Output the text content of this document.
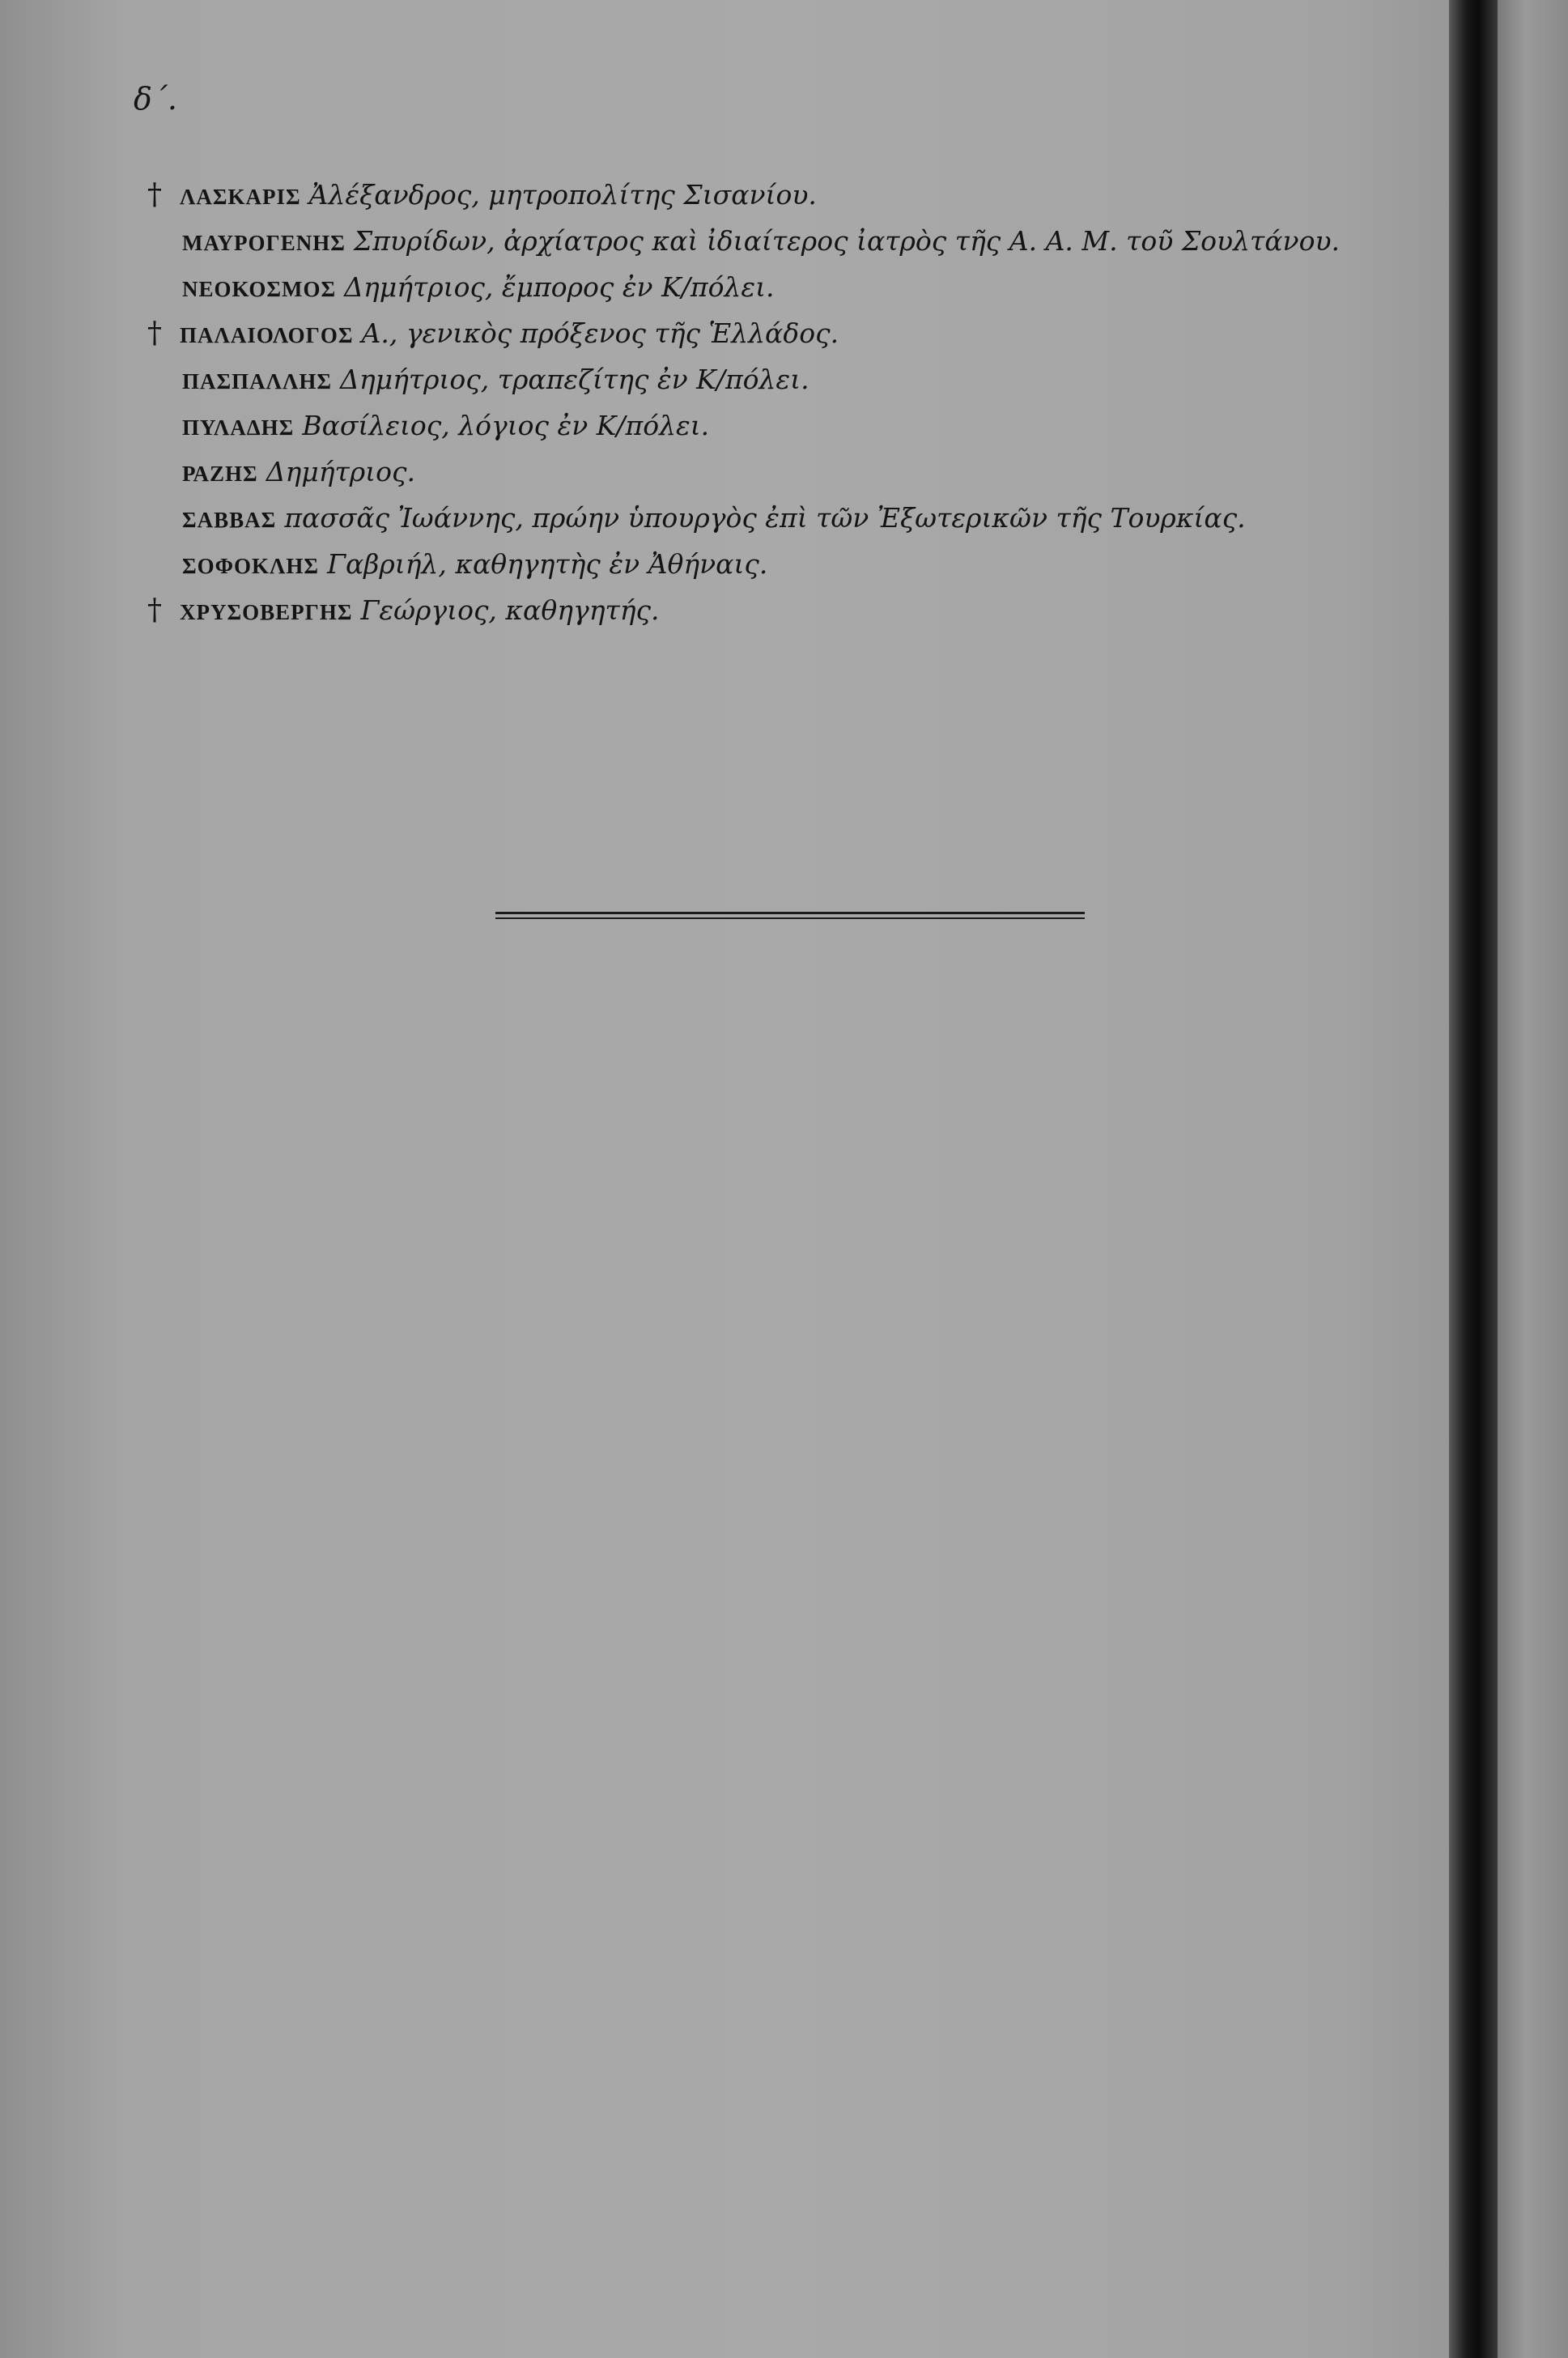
δ΄.
† ΛΑΣΚΑΡΙΣ Ἀλέξανδρος, μητροπολίτης Σισανίου.
ΜΑΥΡΟΓΕΝΗΣ Σπυρίδων, ἀρχίατρος καὶ ἰδιαίτερος ἰατρὸς τῆς Α. Α. Μ. τοῦ Σουλτάνου.
ΝΕΟΚΟΣΜΟΣ Δημήτριος, ἔμπορος ἐν Κ/πόλει.
† ΠΑΛΑΙΟΛΟΓΟΣ Α., γενικὸς πρόξενος τῆς Ἑλλάδος.
ΠΑΣΠΑΛΛΗΣ Δημήτριος, τραπεζίτης ἐν Κ/πόλει.
ΠΥΛΑΔΗΣ Βασίλειος, λόγιος ἐν Κ/πόλει.
ΡΑΖΗΣ Δημήτριος.
ΣΑΒΒΑΣ πασσᾶς Ἰωάννης, πρώην ὑπουργὸς ἐπὶ τῶν Ἐξωτερικῶν τῆς Τουρκίας.
ΣΟΦΟΚΛΗΣ Γαβριήλ, καθηγητὴς ἐν Ἀθήναις.
† ΧΡΥΣΟΒΕΡΓΗΣ Γεώργιος, καθηγητής.
